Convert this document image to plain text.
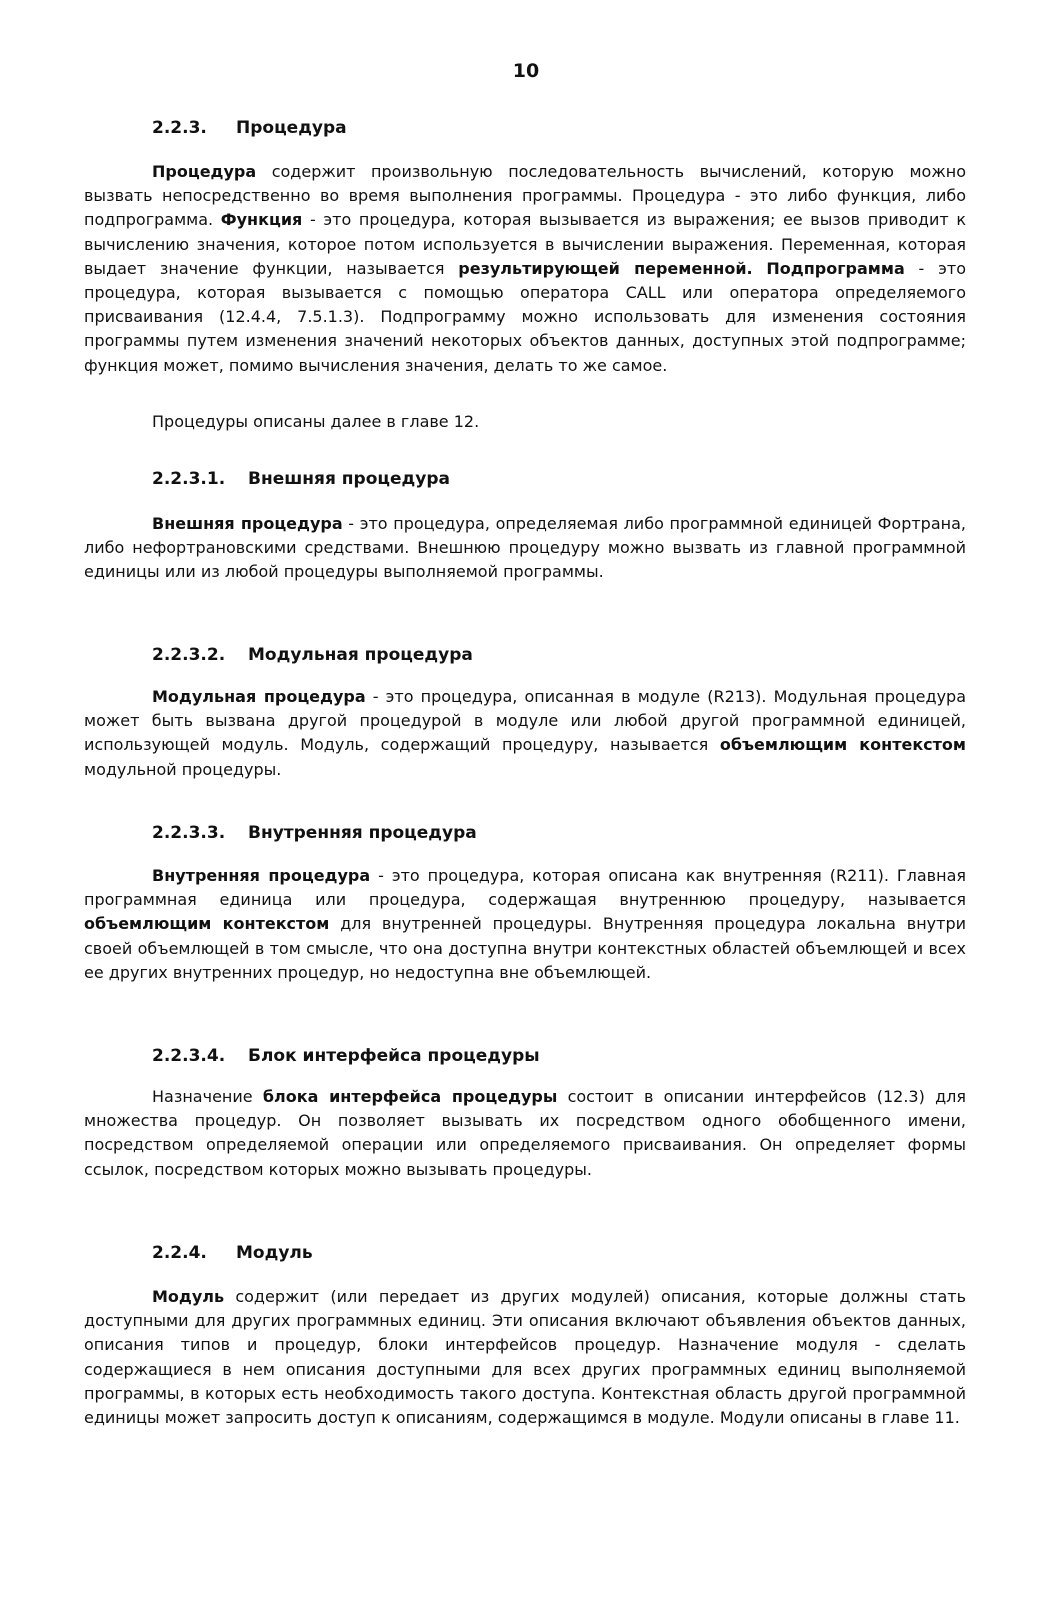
10
2.2.3. Процедура

Процедура содержит произвольную последовательность вычислений, которую можно вызвать непосредственно во время выполнения программы. Процедура - это либо функция, либо подпрограмма. Функция - это процедура, которая вызывается из выражения; ее вызов приводит к вычислению значения, которое потом используется в вычислении выражения. Переменная, которая выдает значение функции, называется результирующей переменной. Подпрограмма - это процедура, которая вызывается с помощью оператора CALL или оператора определяемого присваивания (12.4.4, 7.5.1.3). Подпрограмму можно использовать для изменения состояния программы путем изменения значений некоторых объектов данных, доступных этой подпрограмме; функция может, помимо вычисления значения, делать то же самое.

Процедуры описаны далее в главе 12.

2.2.3.1. Внешняя процедура

Внешняя процедура - это процедура, определяемая либо программной единицей Фортрана, либо нефортрановскими средствами. Внешнюю процедуру можно вызвать из главной программной единицы или из любой процедуры выполняемой программы.

2.2.3.2. Модульная процедура

Модульная процедура - это процедура, описанная в модуле (R213). Модульная процедура может быть вызвана другой процедурой в модуле или любой другой программной единицей, использующей модуль. Модуль, содержащий процедуру, называется объемлющим контекстом модульной процедуры.

2.2.3.3. Внутренняя процедура

Внутренняя процедура - это процедура, которая описана как внутренняя (R211). Главная программная единица или процедура, содержащая внутреннюю процедуру, называется объемлющим контекстом для внутренней процедуры. Внутренняя процедура локальна внутри своей объемлющей в том смысле, что она доступна внутри контекстных областей объемлющей и всех ее других внутренних процедур, но недоступна вне объемлющей.

2.2.3.4. Блок интерфейса процедуры

Назначение блока интерфейса процедуры состоит в описании интерфейсов (12.3) для множества процедур. Он позволяет вызывать их посредством одного обобщенного имени, посредством определяемой операции или определяемого присваивания. Он определяет формы ссылок, посредством которых можно вызывать процедуры.

2.2.4. Модуль

Модуль содержит (или передает из других модулей) описания, которые должны стать доступными для других программных единиц. Эти описания включают объявления объектов данных, описания типов и процедур, блоки интерфейсов процедур. Назначение модуля - сделать содержащиеся в нем описания доступными для всех других программных единиц выполняемой программы, в которых есть необходимость такого доступа. Контекстная область другой программной единицы может запросить доступ к описаниям, содержащимся в модуле. Модули описаны в главе 11.
